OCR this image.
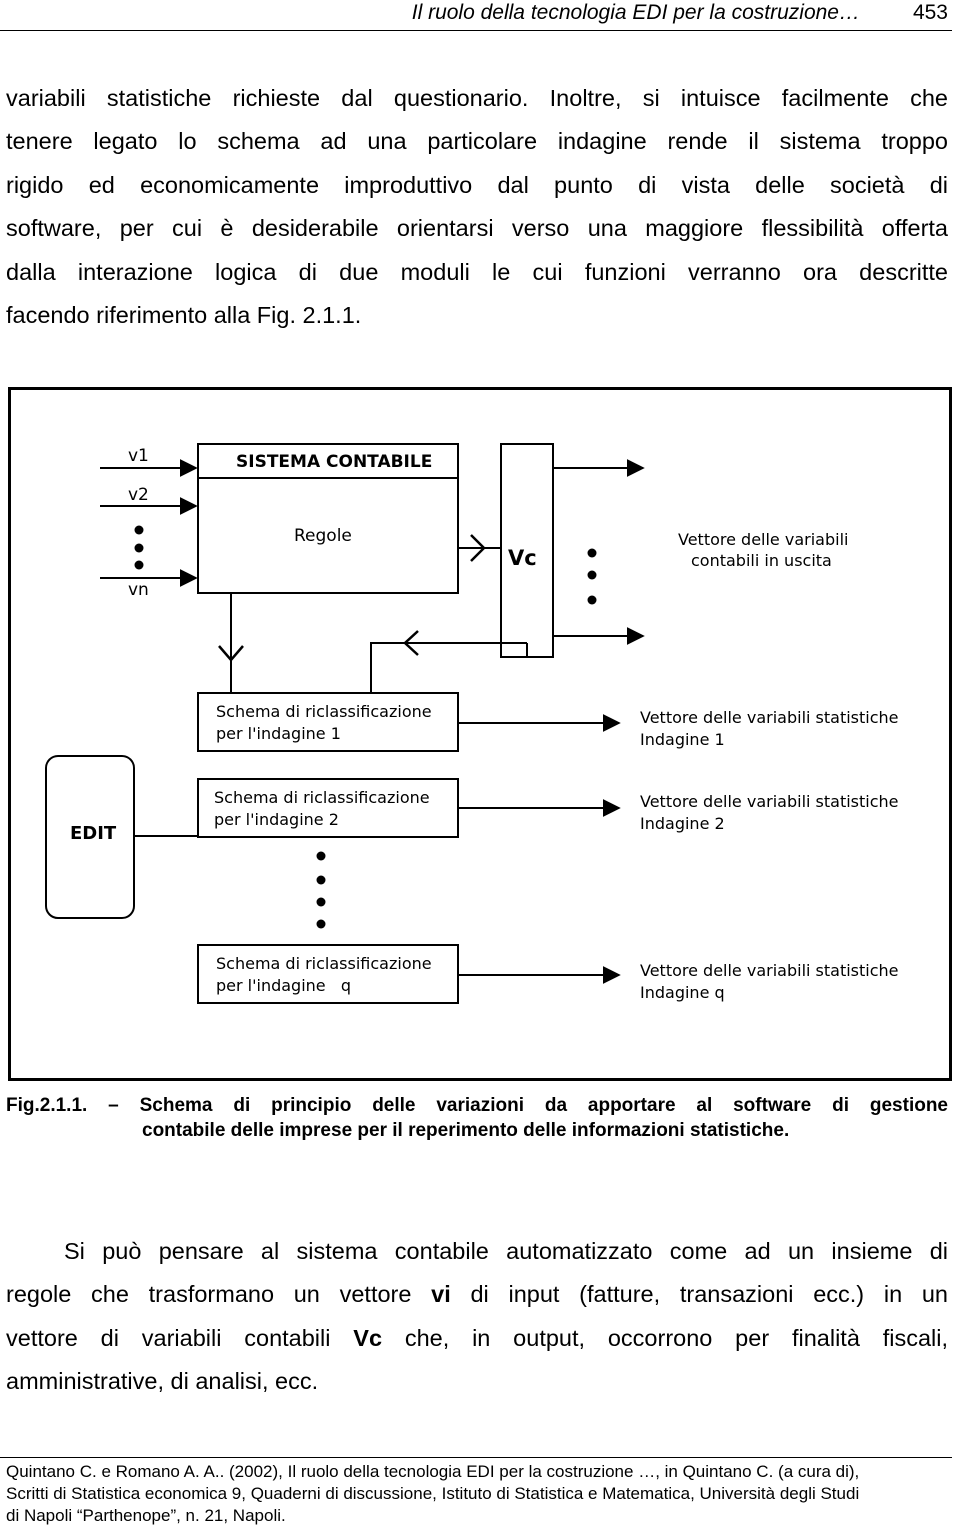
Il ruolo della tecnologia EDI per la costruzione…	453
variabili statistiche richieste dal questionario. Inoltre, si intuisce facilmente che
tenere legato lo schema ad una particolare indagine rende il sistema troppo
rigido ed economicamente improduttivo dal punto di vista delle società di
software, per cui è desiderabile orientarsi verso una maggiore flessibilità offerta
dalla interazione logica di due moduli le cui funzioni verranno ora descritte
facendo riferimento alla Fig. 2.1.1.
v1
v2
vn
SISTEMA CONTABILE
Regole
Vc
Vettore delle variabili
contabili in uscita
EDIT
Schema di riclassificazione
per l'indagine 1
Schema di riclassificazione
per l'indagine 2
Schema di riclassificazione
per l'indagine   q
Vettore delle variabili statistiche
Indagine 1
Vettore delle variabili statistiche
Indagine 2
Vettore delle variabili statistiche
Indagine q
Fig.2.1.1. – Schema di principio delle variazioni da apportare al software di gestione
contabile delle imprese per il reperimento delle informazioni statistiche.
Si può pensare al sistema contabile automatizzato come ad un insieme di
regole che trasformano un vettore vi di input (fatture, transazioni ecc.) in un
vettore di variabili contabili Vc che, in output, occorrono per finalità fiscali,
amministrative, di analisi, ecc.
Quintano C. e Romano A. A.. (2002), Il ruolo della tecnologia EDI per la costruzione …, in Quintano C. (a cura di),
Scritti di Statistica economica 9, Quaderni di discussione, Istituto di Statistica e Matematica, Università degli Studi
di Napoli “Parthenope”, n. 21, Napoli.
